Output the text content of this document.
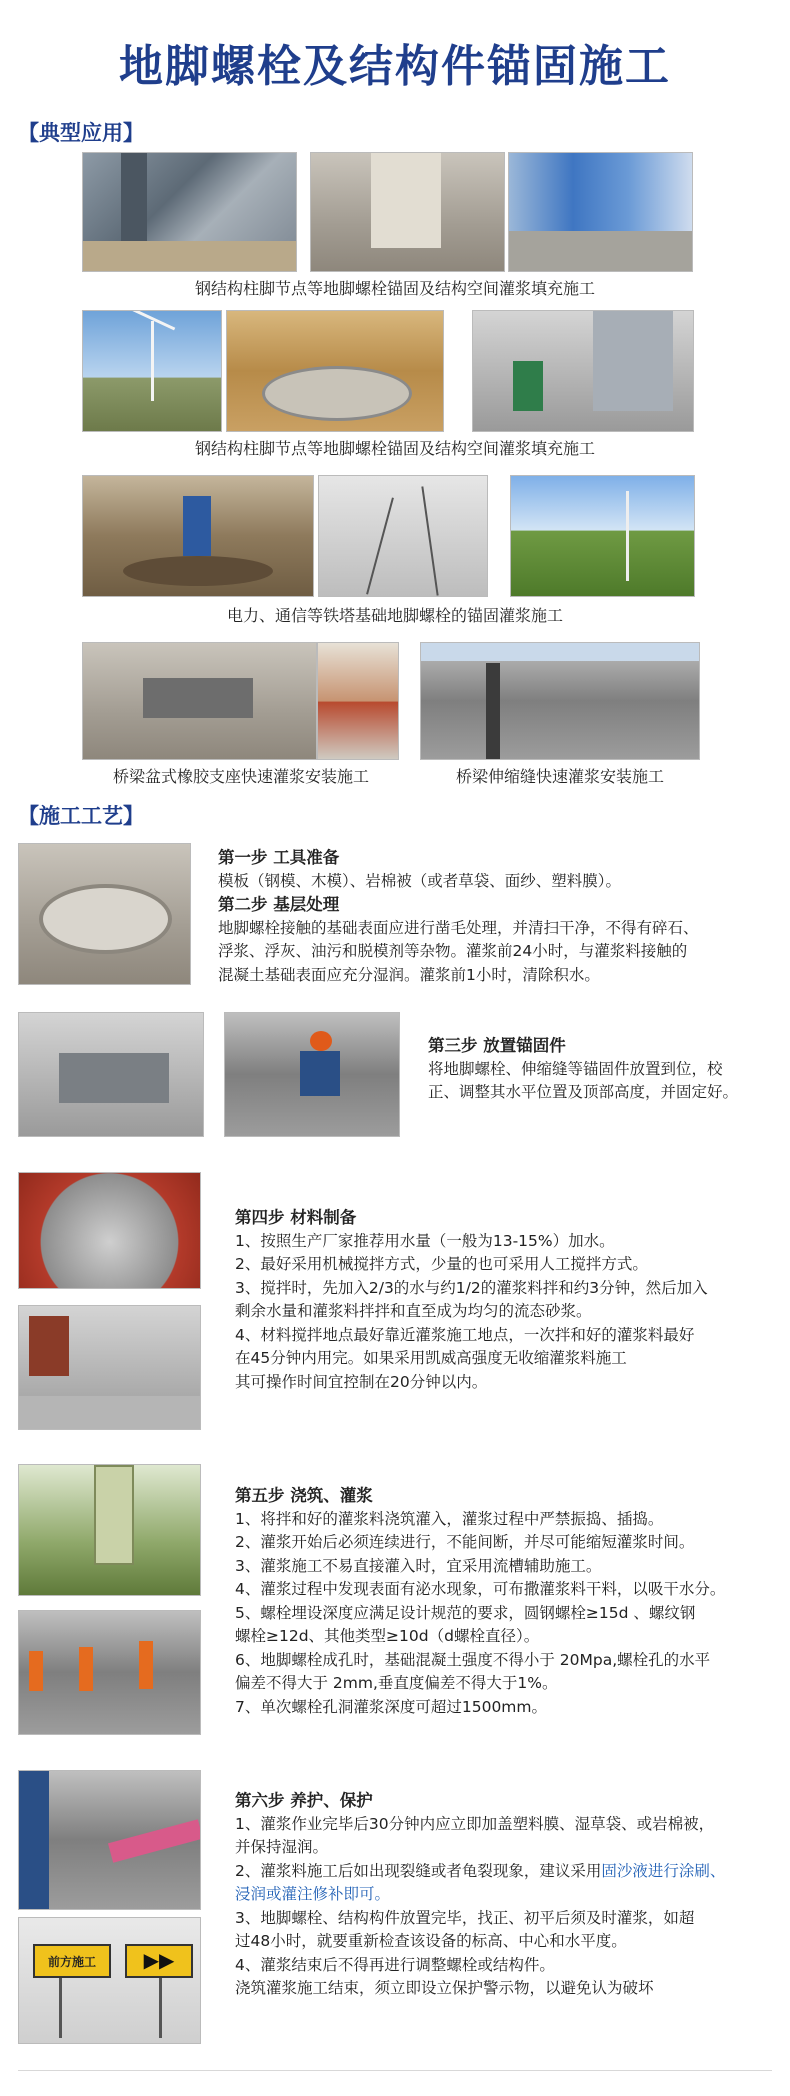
地脚螺栓及结构件锚固施工
【典型应用】
钢结构柱脚节点等地脚螺栓锚固及结构空间灌浆填充施工
钢结构柱脚节点等地脚螺栓锚固及结构空间灌浆填充施工
电力、通信等铁塔基础地脚螺栓的锚固灌浆施工
桥梁盆式橡胶支座快速灌浆安装施工	桥梁伸缩缝快速灌浆安装施工
【施工工艺】

第一步 工具准备

模板（钢模、木模）、岩棉被（或者草袋、面纱、塑料膜）。

第二步 基层处理

地脚螺栓接触的基础表面应进行凿毛处理，并清扫干净，不得有碎石、

浮浆、浮灰、油污和脱模剂等杂物。灌浆前24小时，与灌浆料接触的

混凝土基础表面应充分湿润。灌浆前1小时，清除积水。

第三步 放置锚固件

将地脚螺栓、伸缩缝等锚固件放置到位，校

正、调整其水平位置及顶部高度，并固定好。

第四步 材料制备

1、按照生产厂家推荐用水量（一般为13-15%）加水。

2、最好采用机械搅拌方式，少量的也可采用人工搅拌方式。

3、搅拌时，先加入2/3的水与约1/2的灌浆料拌和约3分钟，然后加入

剩余水量和灌浆料拌拌和直至成为均匀的流态砂浆。

4、材料搅拌地点最好靠近灌浆施工地点，一次拌和好的灌浆料最好

在45分钟内用完。如果采用凯威高强度无收缩灌浆料施工

其可操作时间宜控制在20分钟以内。

第五步 浇筑、灌浆

1、将拌和好的灌浆料浇筑灌入，灌浆过程中严禁振捣、插捣。

2、灌浆开始后必须连续进行，不能间断，并尽可能缩短灌浆时间。

3、灌浆施工不易直接灌入时，宜采用流槽辅助施工。

4、灌浆过程中发现表面有泌水现象，可布撒灌浆料干料，以吸干水分。

5、螺栓埋设深度应满足设计规范的要求，圆钢螺栓≥15d 、螺纹钢

螺栓≥12d、其他类型≥10d（d螺栓直径）。

6、地脚螺栓成孔时，基础混凝土强度不得小于 20Mpa,螺栓孔的水平

偏差不得大于 2mm,垂直度偏差不得大于1%。

7、单次螺栓孔洞灌浆深度可超过1500mm。

前方施工	▶▶

第六步 养护、保护

1、灌浆作业完毕后30分钟内应立即加盖塑料膜、湿草袋、或岩棉被，

并保持湿润。

2、灌浆料施工后如出现裂缝或者龟裂现象，建议采用固沙液进行涂刷、

浸润或灌注修补即可。

3、地脚螺栓、结构构件放置完毕，找正、初平后须及时灌浆，如超

过48小时，就要重新检查该设备的标高、中心和水平度。

4、灌浆结束后不得再进行调整螺栓或结构件。

浇筑灌浆施工结束，须立即设立保护警示物，以避免认为破坏
